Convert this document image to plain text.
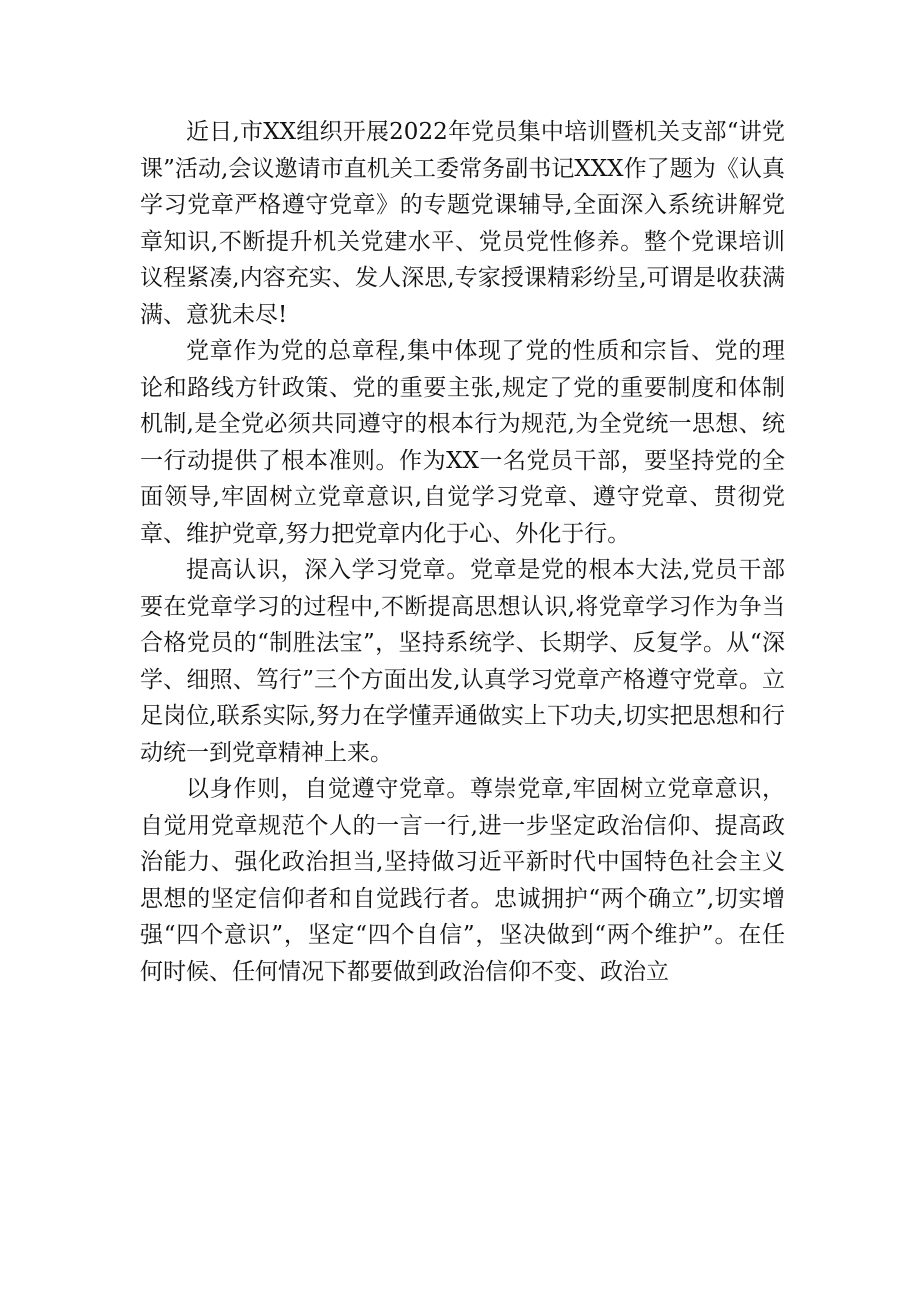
近日,市XX组织开展2022年党员集中培训暨机关支部“讲党课”活动,会议邀请市直机关工委常务副书记XXX作了题为《认真学习党章严格遵守党章》的专题党课辅导,全面深入系统讲解党章知识,不断提升机关党建水平、党员党性修养。整个党课培训议程紧凑,内容充实、发人深思,专家授课精彩纷呈,可谓是收获满满、意犹未尽!

党章作为党的总章程,集中体现了党的性质和宗旨、党的理论和路线方针政策、党的重要主张,规定了党的重要制度和体制机制,是全党必须共同遵守的根本行为规范,为全党统一思想、统一行动提供了根本准则。作为XX一名党员干部，要坚持党的全面领导,牢固树立党章意识,自觉学习党章、遵守党章、贯彻党章、维护党章,努力把党章内化于心、外化于行。

提高认识，深入学习党章。党章是党的根本大法,党员干部要在党章学习的过程中,不断提高思想认识,将党章学习作为争当合格党员的“制胜法宝”，坚持系统学、长期学、反复学。从“深学、细照、笃行”三个方面出发,认真学习党章产格遵守党章。立足岗位,联系实际,努力在学懂弄通做实上下功夫,切实把思想和行动统一到党章精神上来。

以身作则，自觉遵守党章。尊崇党章,牢固树立党章意识，自觉用党章规范个人的一言一行,进一步坚定政治信仰、提高政治能力、强化政治担当,坚持做习近平新时代中国特色社会主义思想的坚定信仰者和自觉践行者。忠诚拥护“两个确立”,切实增强“四个意识”，坚定“四个自信”，坚决做到“两个维护”。在任何时候、任何情况下都要做到政治信仰不变、政治立
